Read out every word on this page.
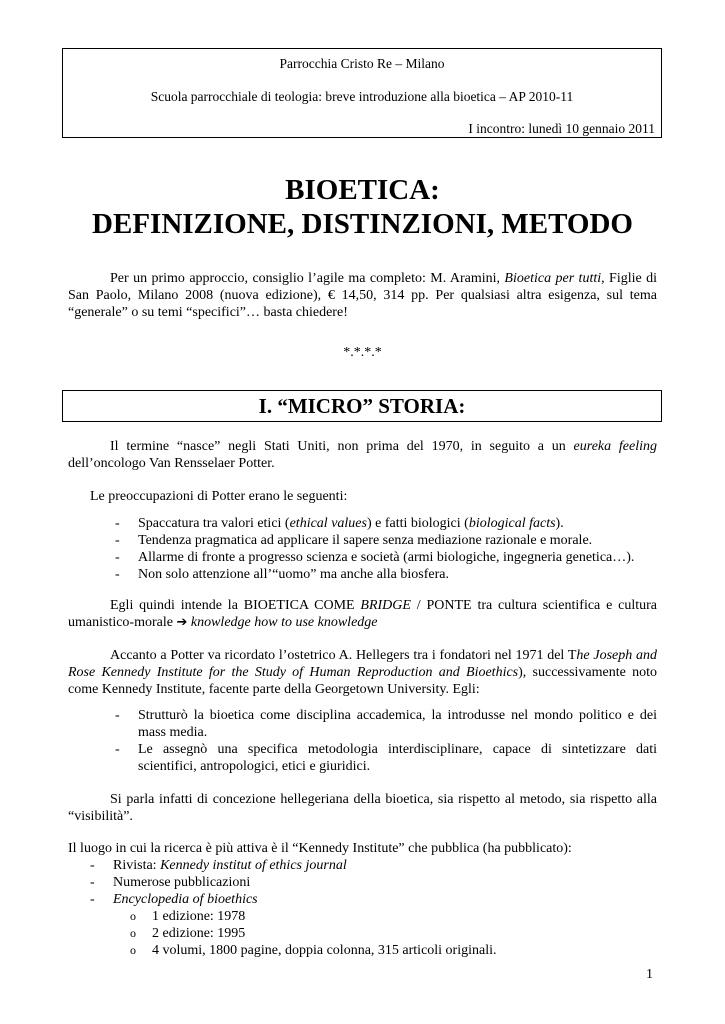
Parrocchia Cristo Re – Milano
Scuola parrocchiale di teologia: breve introduzione alla bioetica – AP 2010-11
I incontro: lunedì 10 gennaio 2011
BIOETICA:
DEFINIZIONE, DISTINZIONI, METODO
Per un primo approccio, consiglio l’agile ma completo: M. Aramini, Bioetica per tutti, Figlie di San Paolo, Milano 2008 (nuova edizione), € 14,50, 314 pp. Per qualsiasi altra esigenza, sul tema “generale” o su temi “specifici”… basta chiedere!
*.*.*.*
I. “MICRO” STORIA:
Il termine “nasce” negli Stati Uniti, non prima del 1970, in seguito a un eureka feeling dell’oncologo Van Rensselaer Potter.
Le preoccupazioni di Potter erano le seguenti:
- Spaccatura tra valori etici (ethical values) e fatti biologici (biological facts).
- Tendenza pragmatica ad applicare il sapere senza mediazione razionale e morale.
- Allarme di fronte a progresso scienza e società (armi biologiche, ingegneria genetica…).
- Non solo attenzione all’“uomo” ma anche alla biosfera.
Egli quindi intende la BIOETICA COME BRIDGE / PONTE tra cultura scientifica e cultura umanistico-morale ➔ knowledge how to use knowledge
Accanto a Potter va ricordato l’ostetrico A. Hellegers tra i fondatori nel 1971 del The Joseph and Rose Kennedy Institute for the Study of Human Reproduction and Bioethics), successivamente noto come Kennedy Institute, facente parte della Georgetown University. Egli:
- Strutturò la bioetica come disciplina accademica, la introdusse nel mondo politico e dei mass media.
- Le assegnò una specifica metodologia interdisciplinare, capace di sintetizzare dati scientifici, antropologici, etici e giuridici.
Si parla infatti di concezione hellegeriana della bioetica, sia rispetto al metodo, sia rispetto alla “visibilità”.
Il luogo in cui la ricerca è più attiva è il “Kennedy Institute” che pubblica (ha pubblicato):
- Rivista: Kennedy institut of ethics journal
- Numerose pubblicazioni
- Encyclopedia of bioethics
o 1 edizione: 1978
o 2 edizione: 1995
o 4 volumi, 1800 pagine, doppia colonna, 315 articoli originali.
1
